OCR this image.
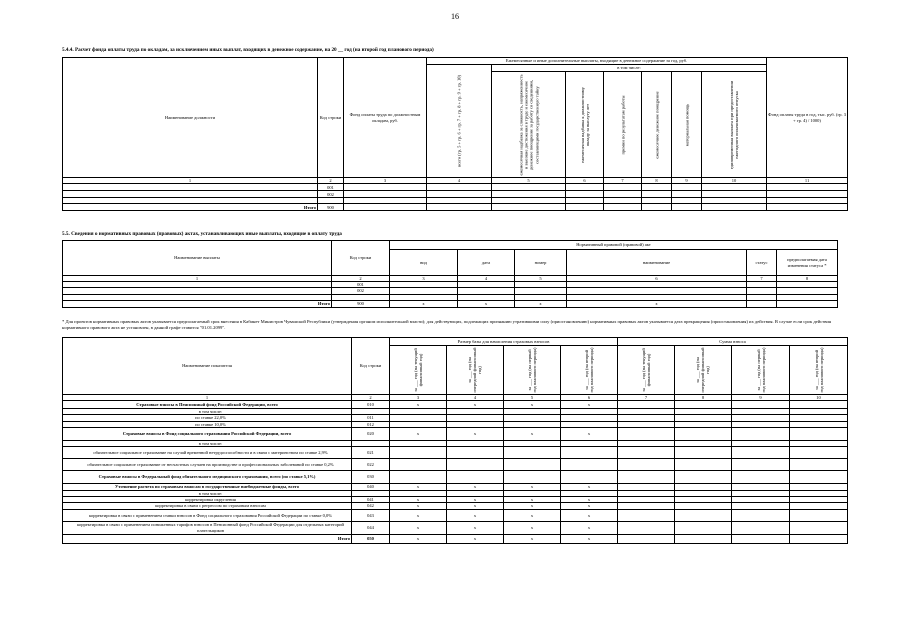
16
5.4.4. Расчет фонда оплаты труда по окладам, за исключением иных выплат, входящих в денежное содержание, на 20 __ год (на второй год планового периода)
Наименование должности	Код строки	Фонд оплаты труда по должностным окладам, руб.	Ежемесячные и иные дополнительные выплаты, входящие в денежное содержание за год, руб.							Фонд оплаты труда в год, тыс. руб. (гр. 3 + гр. 4) / 1000)

			всего (гр. 5 + гр. 6 + гр. 7 + гр. 8 + гр. 9 + гр. 10)	в том числе:						

				ежемесячная надбавка за сложность, напряженность и высокие достижения в труде и ежемесячное денежное поощрение за работу со сведениями, составляющими государственную тайну	ежемесячная надбавка к должностному окладу за выслугу лет	премии по результатам работы	ежемесячное денежное поощрение	материальная помощь	единовременная выплата при предоставлении ежегодного оплачиваемого отпуска	

1	2	3	4	5	6	7	8	9	10	11
	001									
	002									

Итого	900									
5.5. Сведения о нормативных правовых (правовых) актах, устанавливающих иные выплаты, входящие в оплату труда
Наименование выплаты	Код строки	Нормативный правовой (правовой) акт					
		вид	дата	номер	наименование	статус	предполагаемая дата изменения статуса *
1	2	3	4	5	6	7	8
	001						
	002						

Итого	900	x	x	x	x		
* Для проектов нормативных правовых актов указывается предполагаемый срок внесения в Кабинет Министров Чувашской Республики (утверждения органом исполнительной власти); для действующих, подлежащих признанию утратившими силу (приостановлению) нормативных правовых актов указывается дата прекращения (приостановления) их действия. В случае если срок действия нормативного правового акта не установлен, в данной графе ставится "01.01.2099".
Наименование показателя	Код строки	Размер базы для начисления страховых взносов				Сумма взноса			

		за ___ год (на текущий финансовый год)	за ___ год (на очередной финансовый год)	за ___ год (на первый год планового периода)	за ___ год (на второй год планового периода)	за ___ год (на текущий финансовый год)	за ___ год (на очередной финансовый год)	за ___ год (на первый год планового периода)	за ___ год (на второй год планового периода)

1	2	3	4	5	6	7	8	9	10
Страховые взносы в Пенсионный фонд Российской Федерации, всего	010	x	x	x	x				
в том числе:									
по ставке 22,0%	011								
по ставке 10,0%	012								
Страховые взносы в Фонд социального страхования Российской Федерации, всего	020	x	x	x	x				
в том числе:									
обязательное социальное страхование на случай временной нетрудоспособности и в связи с материнством по ставке 2,9%	021								
обязательное социальное страхование от несчастных случаев на производстве и профессиональных заболеваний по ставке 0,2%	022								
Страховые взносы в Федеральный фонд обязательного медицинского страхования, всего (по ставке 5,1%)	030								
Уточнение расчета по страховым взносам в государственные внебюджетные фонды, всего	040	x	x	x	x				
в том числе:									
корректировка округления	041	x	x	x	x				
корректировка в связи с регрессом по страховым взносам	042	x	x	x	x				
корректировка в связи с применением ставки взносов в Фонд социального страхования Российской Федерации по ставке 0,0%	043	x	x	x	x				
корректировка в связи с применением пониженных тарифов взносов в Пенсионный фонд Российской Федерации для отдельных категорий плательщиков	044	x	x	x	x				
Итого	050	x	x	x	x				
